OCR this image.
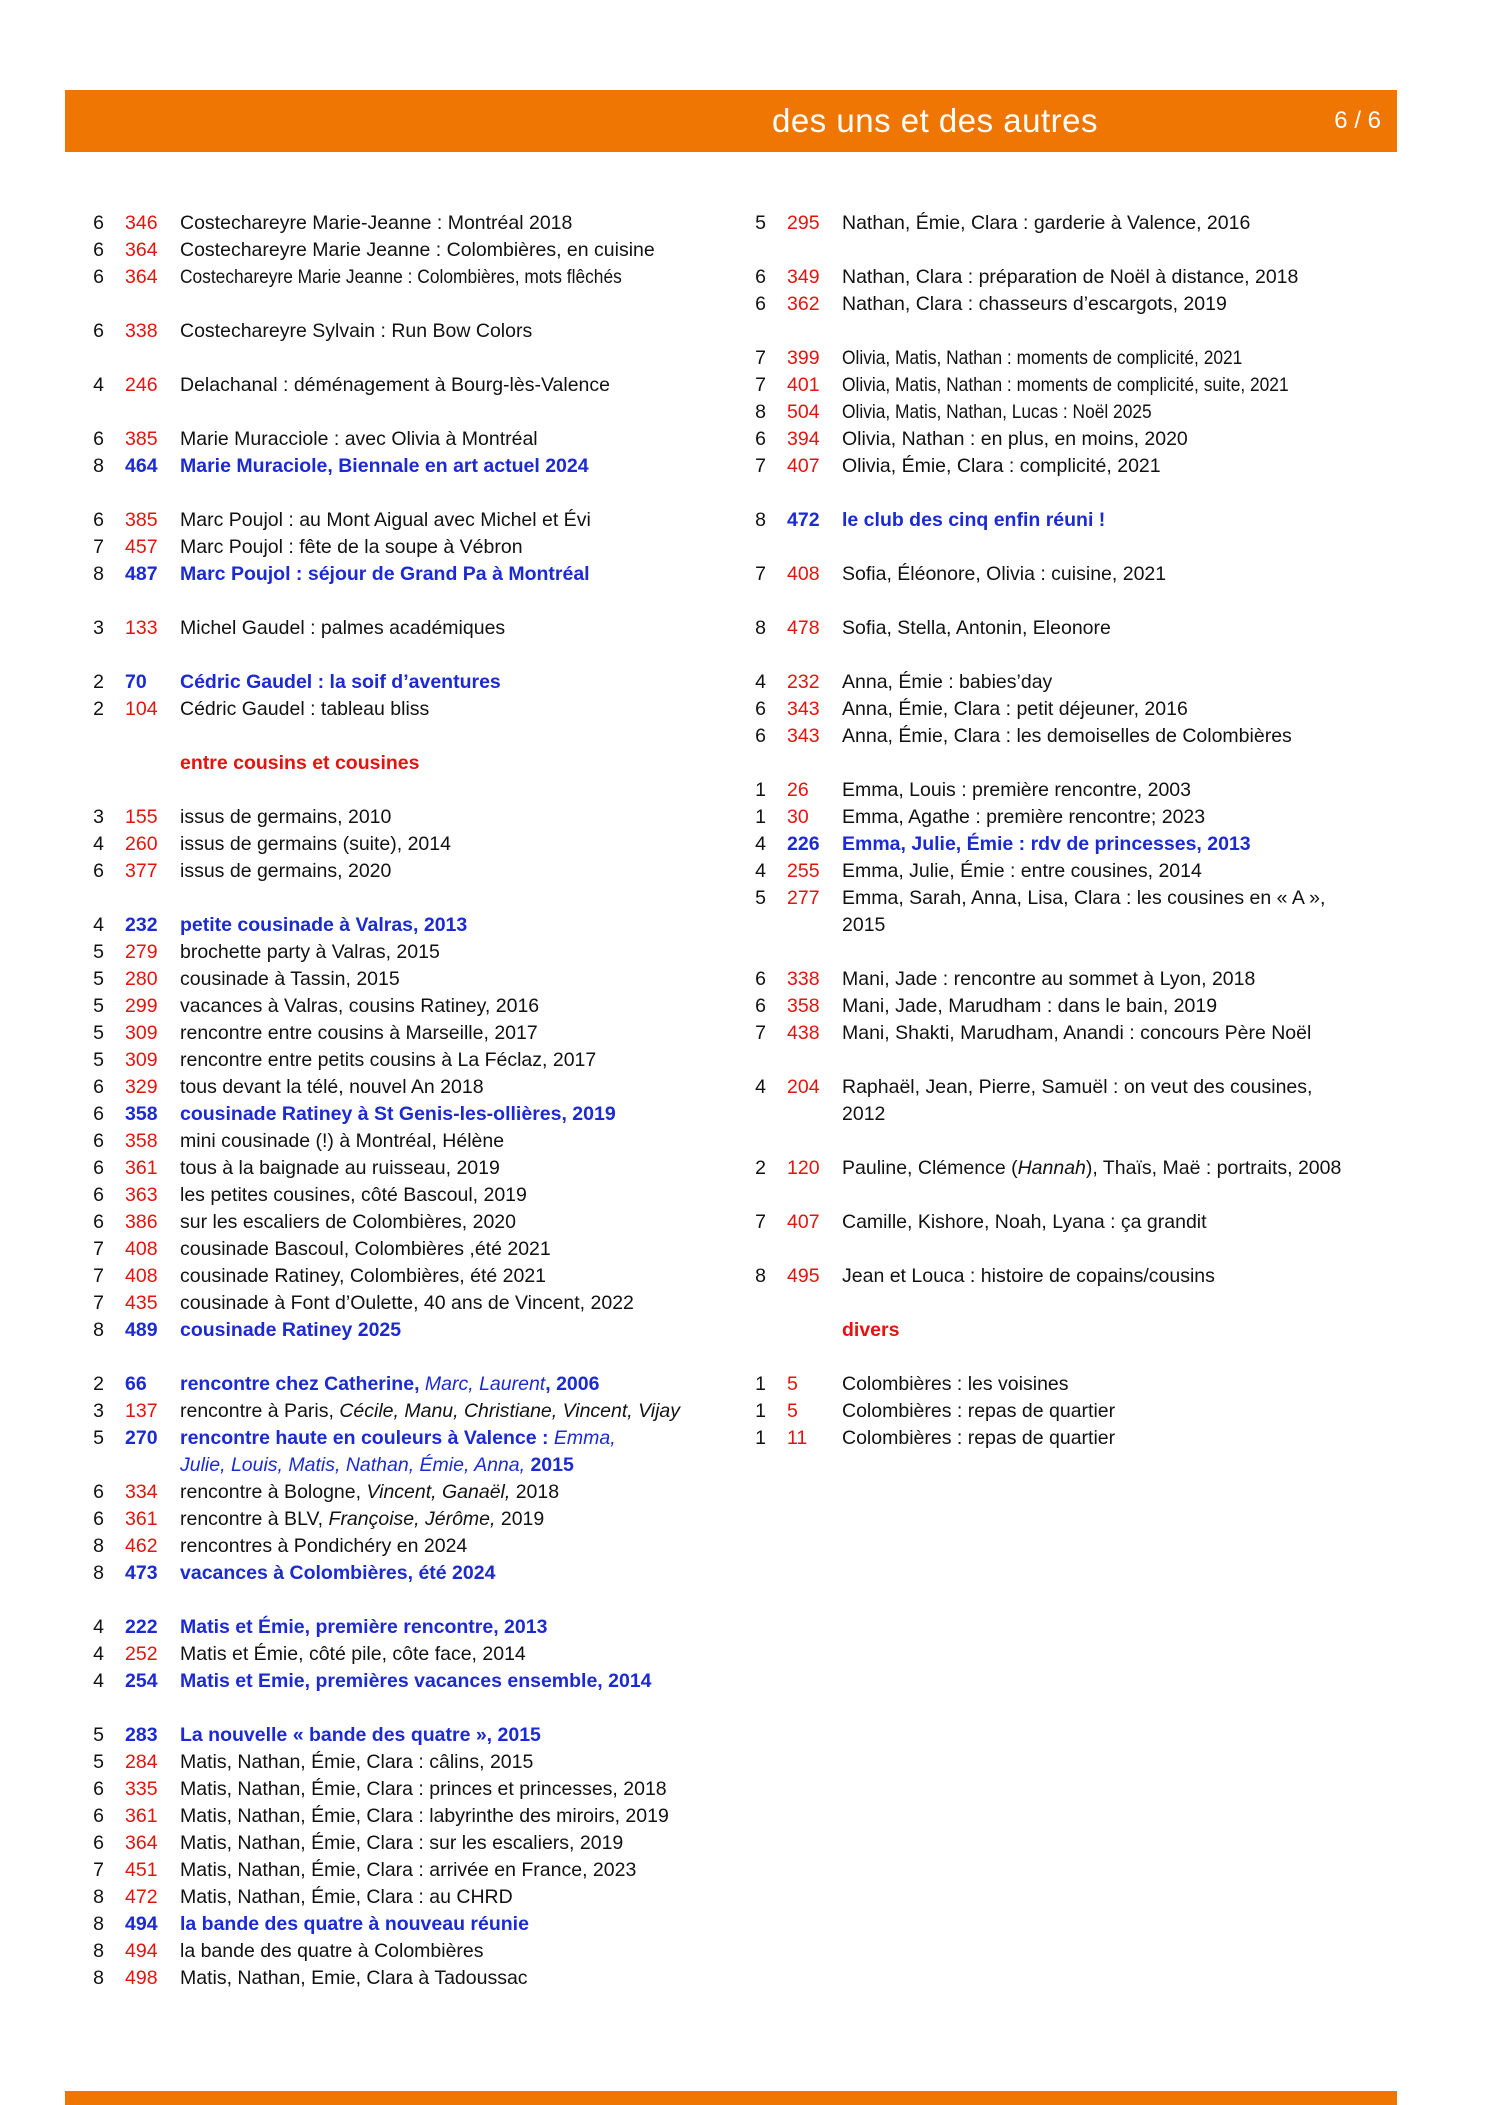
des uns et des autres	6 / 6
6 346	Costechareyre Marie-Jeanne : Montréal 2018
6 364	Costechareyre Marie Jeanne : Colombières, en cuisine
6 364	Costechareyre Marie Jeanne : Colombières, mots flêchés
6 338	Costechareyre Sylvain : Run Bow Colors
4 246	Delachanal : déménagement à Bourg-lès-Valence
6 385	Marie Muracciole : avec Olivia à Montréal
8 464	Marie Muraciole, Biennale en art actuel 2024
6 385	Marc Poujol : au Mont Aigual avec Michel et Évi
7 457	Marc Poujol : fête de la soupe à Vébron
8 487	Marc Poujol : séjour de Grand Pa à Montréal
3 133	Michel Gaudel : palmes académiques
2 70	Cédric Gaudel : la soif d’aventures
2 104	Cédric Gaudel : tableau bliss
entre cousins et cousines
3 155	issus de germains, 2010
4 260	issus de germains (suite), 2014
6 377	issus de germains, 2020
4 232	petite cousinade à Valras, 2013
5 279	brochette party à Valras, 2015
5 280	cousinade à Tassin, 2015
5 299	vacances à Valras, cousins Ratiney, 2016
5 309	rencontre entre cousins à Marseille, 2017
5 309	rencontre entre petits cousins à La Féclaz, 2017
6 329	tous devant la télé, nouvel An 2018
6 358	cousinade Ratiney à St Genis-les-ollières, 2019
6 358	mini cousinade (!) à Montréal, Hélène
6 361	tous à la baignade au ruisseau, 2019
6 363	les petites cousines, côté Bascoul, 2019
6 386	sur les escaliers de Colombières, 2020
7 408	cousinade Bascoul, Colombières ,été 2021
7 408	cousinade Ratiney, Colombières, été 2021
7 435	cousinade à Font d’Oulette, 40 ans de Vincent, 2022
8 489	cousinade Ratiney 2025
2 66	rencontre chez Catherine, Marc, Laurent, 2006
3 137	rencontre à Paris, Cécile, Manu, Christiane, Vincent, Vijay
5 270	rencontre haute en couleurs à Valence : Emma,
Julie, Louis, Matis, Nathan, Émie, Anna, 2015
6 334	rencontre à Bologne, Vincent, Ganaël, 2018
6 361	rencontre à BLV, Françoise, Jérôme, 2019
8 462	rencontres à Pondichéry en 2024
8 473	vacances à Colombières, été 2024
4 222	Matis et Émie, première rencontre, 2013
4 252	Matis et Émie, côté pile, côte face, 2014
4 254	Matis et Emie, premières vacances ensemble, 2014
5 283	La nouvelle « bande des quatre », 2015
5 284	Matis, Nathan, Émie, Clara : câlins, 2015
6 335	Matis, Nathan, Émie, Clara : princes et princesses, 2018
6 361	Matis, Nathan, Émie, Clara : labyrinthe des miroirs, 2019
6 364	Matis, Nathan, Émie, Clara : sur les escaliers, 2019
7 451	Matis, Nathan, Émie, Clara : arrivée en France, 2023
8 472	Matis, Nathan, Émie, Clara : au CHRD
8 494	la bande des quatre à nouveau réunie
8 494	la bande des quatre à Colombières
8 498	Matis, Nathan, Emie, Clara à Tadoussac
5 295	Nathan, Émie, Clara : garderie à Valence, 2016
6 349	Nathan, Clara : préparation de Noël à distance, 2018
6 362	Nathan, Clara : chasseurs d’escargots, 2019
7 399	Olivia, Matis, Nathan : moments de complicité, 2021
7 401	Olivia, Matis, Nathan : moments de complicité, suite, 2021
8 504	Olivia, Matis, Nathan, Lucas : Noël 2025
6 394	Olivia, Nathan : en plus, en moins, 2020
7 407	Olivia, Émie, Clara : complicité, 2021
8 472	le club des cinq enfin réuni !
7 408	Sofia, Éléonore, Olivia : cuisine, 2021
8 478	Sofia, Stella, Antonin, Eleonore
4 232	Anna, Émie : babies’day
6 343	Anna, Émie, Clara : petit déjeuner, 2016
6 343	Anna, Émie, Clara : les demoiselles de Colombières
1 26	Emma, Louis : première rencontre, 2003
1 30	Emma, Agathe : première rencontre; 2023
4 226	Emma, Julie, Émie : rdv de princesses, 2013
4 255	Emma, Julie, Émie : entre cousines, 2014
5 277	Emma, Sarah, Anna, Lisa, Clara : les cousines en « A »,
2015
6 338	Mani, Jade : rencontre au sommet à Lyon, 2018
6 358	Mani, Jade, Marudham : dans le bain, 2019
7 438	Mani, Shakti, Marudham, Anandi : concours Père Noël
4 204	Raphaël, Jean, Pierre, Samuël : on veut des cousines,
2012
2 120	Pauline, Clémence (Hannah), Thaïs, Maë : portraits, 2008
7 407	Camille, Kishore, Noah, Lyana : ça grandit
8 495	Jean et Louca : histoire de copains/cousins
divers
1 5	Colombières : les voisines
1 5	Colombières : repas de quartier
1 11	Colombières : repas de quartier
